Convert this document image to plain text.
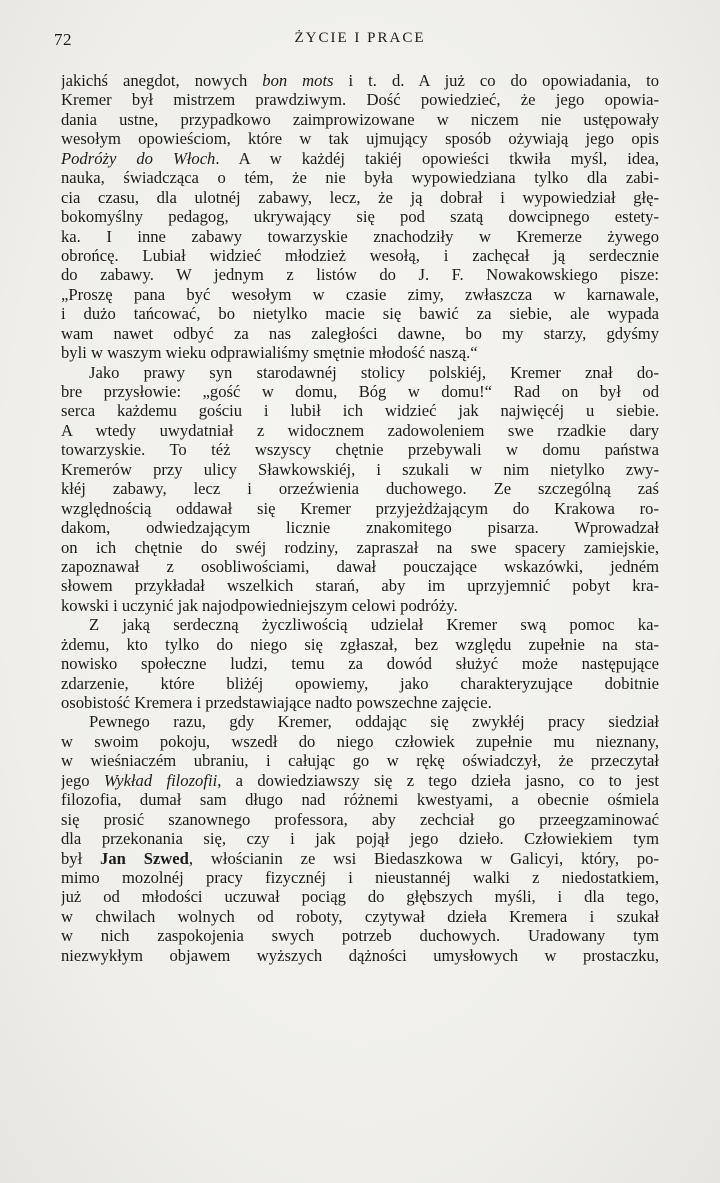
72	ŻYCIE I PRACE
jakichś anegdot, nowych bon mots i t. d. A już co do opowiadania, to
Kremer był mistrzem prawdziwym. Dość powiedzieć, że jego opowia-
dania ustne, przypadkowo zaimprowizowane w niczem nie ustępowały
wesołym opowieściom, które w tak ujmujący sposób ożywiają jego opis
Podróży do Włoch. A w każdéj takiéj opowieści tkwiła myśl, idea,
nauka, świadcząca o tém, że nie była wypowiedziana tylko dla zabi-
cia czasu, dla ulotnéj zabawy, lecz, że ją dobrał i wypowiedział głę-
bokomyślny pedagog, ukrywający się pod szatą dowcipnego estety-
ka. I inne zabawy towarzyskie znachodziły w Kremerze żywego
obrońcę. Lubiał widzieć młodzież wesołą, i zachęcał ją serdecznie
do zabawy. W jednym z listów do J. F. Nowakowskiego pisze:
„Proszę pana być wesołym w czasie zimy, zwłaszcza w karnawale,
i dużo tańcować, bo nietylko macie się bawić za siebie, ale wypada
wam nawet odbyć za nas zaległości dawne, bo my starzy, gdyśmy
byli w waszym wieku odprawialiśmy smętnie młodość naszą.“
Jako prawy syn starodawnéj stolicy polskiéj, Kremer znał do-
bre przysłowie: „gość w domu, Bóg w domu!“ Rad on był od
serca każdemu gościu i lubił ich widzieć jak najwięcéj u siebie.
A wtedy uwydatniał z widocznem zadowoleniem swe rzadkie dary
towarzyskie. To téż wszyscy chętnie przebywali w domu państwa
Kremerów przy ulicy Sławkowskiéj, i szukali w nim nietylko zwy-
kłéj zabawy, lecz i orzeźwienia duchowego. Ze szczególną zaś
względnością oddawał się Kremer przyjeżdżającym do Krakowa ro-
dakom, odwiedzającym licznie znakomitego pisarza. Wprowadzał
on ich chętnie do swéj rodziny, zapraszał na swe spacery zamiejskie,
zapoznawał z osobliwościami, dawał pouczające wskazówki, jedném
słowem przykładał wszelkich starań, aby im uprzyjemnić pobyt kra-
kowski i uczynić jak najodpowiedniejszym celowi podróży.
Z jaką serdeczną życzliwością udzielał Kremer swą pomoc ka-
żdemu, kto tylko do niego się zgłaszał, bez względu zupełnie na sta-
nowisko społeczne ludzi, temu za dowód służyć może następujące
zdarzenie, które bliżéj opowiemy, jako charakteryzujące dobitnie
osobistość Kremera i przedstawiające nadto powszechne zajęcie.
Pewnego razu, gdy Kremer, oddając się zwykłéj pracy siedział
w swoim pokoju, wszedł do niego człowiek zupełnie mu nieznany,
w wieśniaczém ubraniu, i całując go w rękę oświadczył, że przeczytał
jego Wykład filozofii, a dowiedziawszy się z tego dzieła jasno, co to jest
filozofia, dumał sam długo nad różnemi kwestyami, a obecnie ośmiela
się prosić szanownego professora, aby zechciał go przeegzaminować
dla przekonania się, czy i jak pojął jego dzieło. Człowiekiem tym
był Jan Szwed, włościanin ze wsi Biedaszkowa w Galicyi, który, po-
mimo mozolnéj pracy fizycznéj i nieustannéj walki z niedostatkiem,
już od młodości uczuwał pociąg do głębszych myśli, i dla tego,
w chwilach wolnych od roboty, czytywał dzieła Kremera i szukał
w nich zaspokojenia swych potrzeb duchowych. Uradowany tym
niezwykłym objawem wyższych dążności umysłowych w prostaczku,
